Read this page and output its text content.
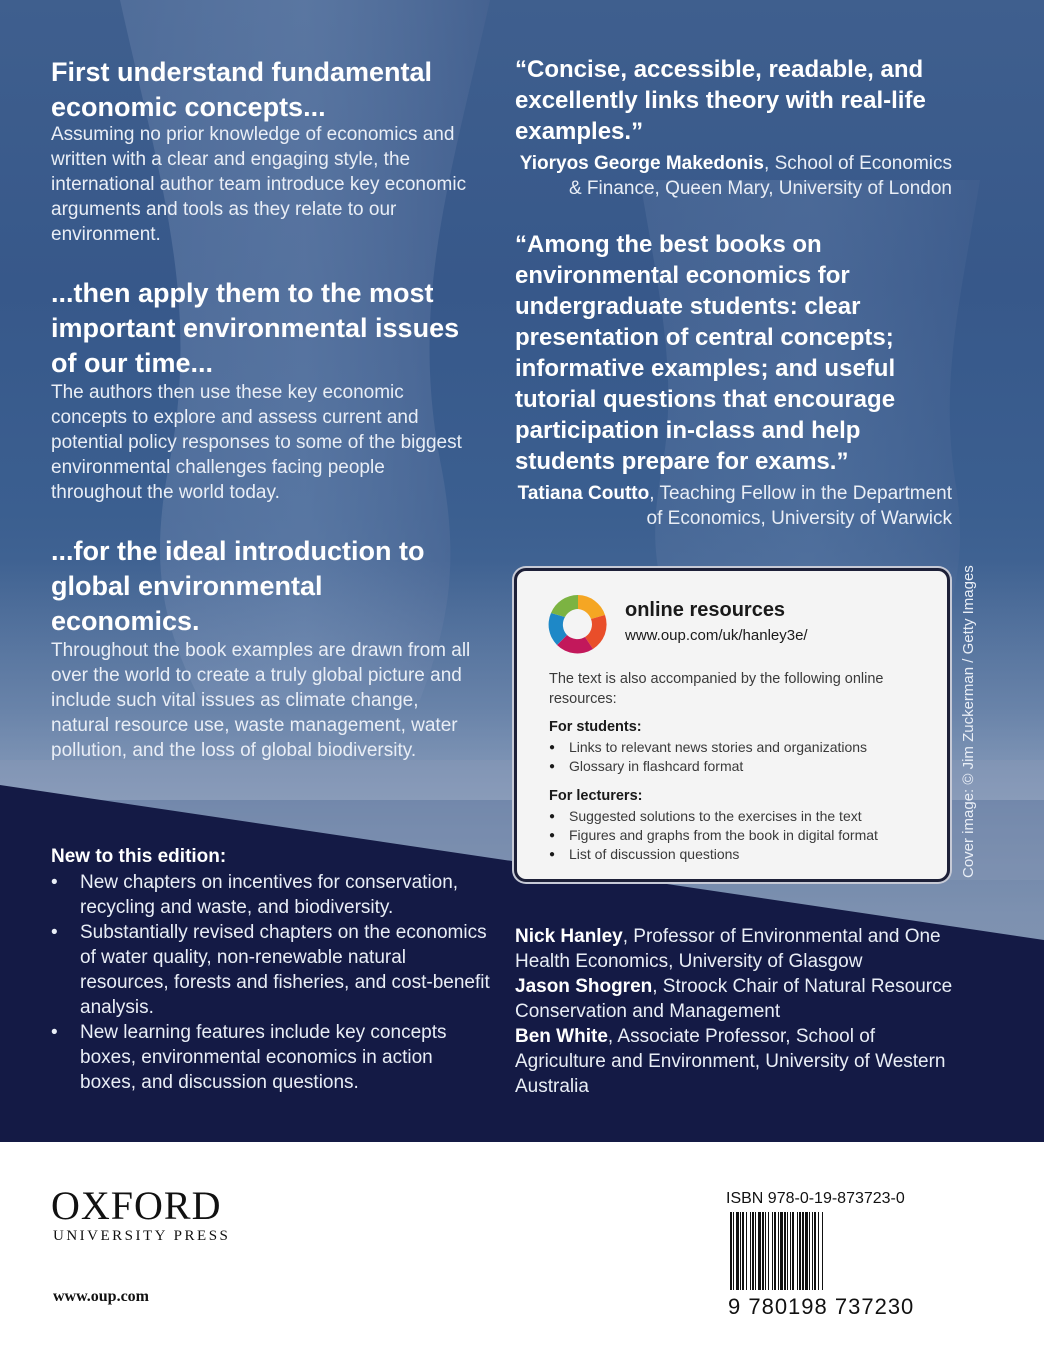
First understand fundamental economic concepts...

Assuming no prior knowledge of economics and written with a clear and engaging style, the international author team introduce key economic arguments and tools as they relate to our environment.

...then apply them to the most important environmental issues of our time...

The authors then use these key economic concepts to explore and assess current and potential policy responses to some of the biggest environmental challenges facing people throughout the world today.

...for the ideal introduction to global environmental economics.

Throughout the book examples are drawn from all over the world to create a truly global picture and include such vital issues as climate change, natural resource use, waste management, water pollution, and the loss of global biodiversity.

“Concise, accessible, readable, and excellently links theory with real-life examples.”

Yioryos George Makedonis, School of Economics & Finance, Queen Mary, University of London

“Among the best books on environmental economics for undergraduate students: clear presentation of central concepts; informative examples; and useful tutorial questions that encourage participation in-class and help students prepare for exams.”

Tatiana Coutto, Teaching Fellow in the Department of Economics, University of Warwick

online resources
www.oup.com/uk/hanley3e/
The text is also accompanied by the following online resources:
For students:
● Links to relevant news stories and organizations
● Glossary in flashcard format
For lecturers:
● Suggested solutions to the exercises in the text
● Figures and graphs from the book in digital format
● List of discussion questions	Cover image: © Jim Zuckerman / Getty Images
New to this edition:
• New chapters on incentives for conservation, recycling and waste, and biodiversity.
• Substantially revised chapters on the economics of water quality, non-renewable natural resources, forests and fisheries, and cost-benefit analysis.
• New learning features include key concepts boxes, environmental economics in action boxes, and discussion questions.

Nick Hanley, Professor of Environmental and One Health Economics, University of Glasgow

Jason Shogren, Stroock Chair of Natural Resource Conservation and Management

Ben White, Associate Professor, School of Agriculture and Environment, University of Western Australia

OXFORD
UNIVERSITY PRESS
www.oup.com
ISBN 978-0-19-873723-0
9 780198 737230
